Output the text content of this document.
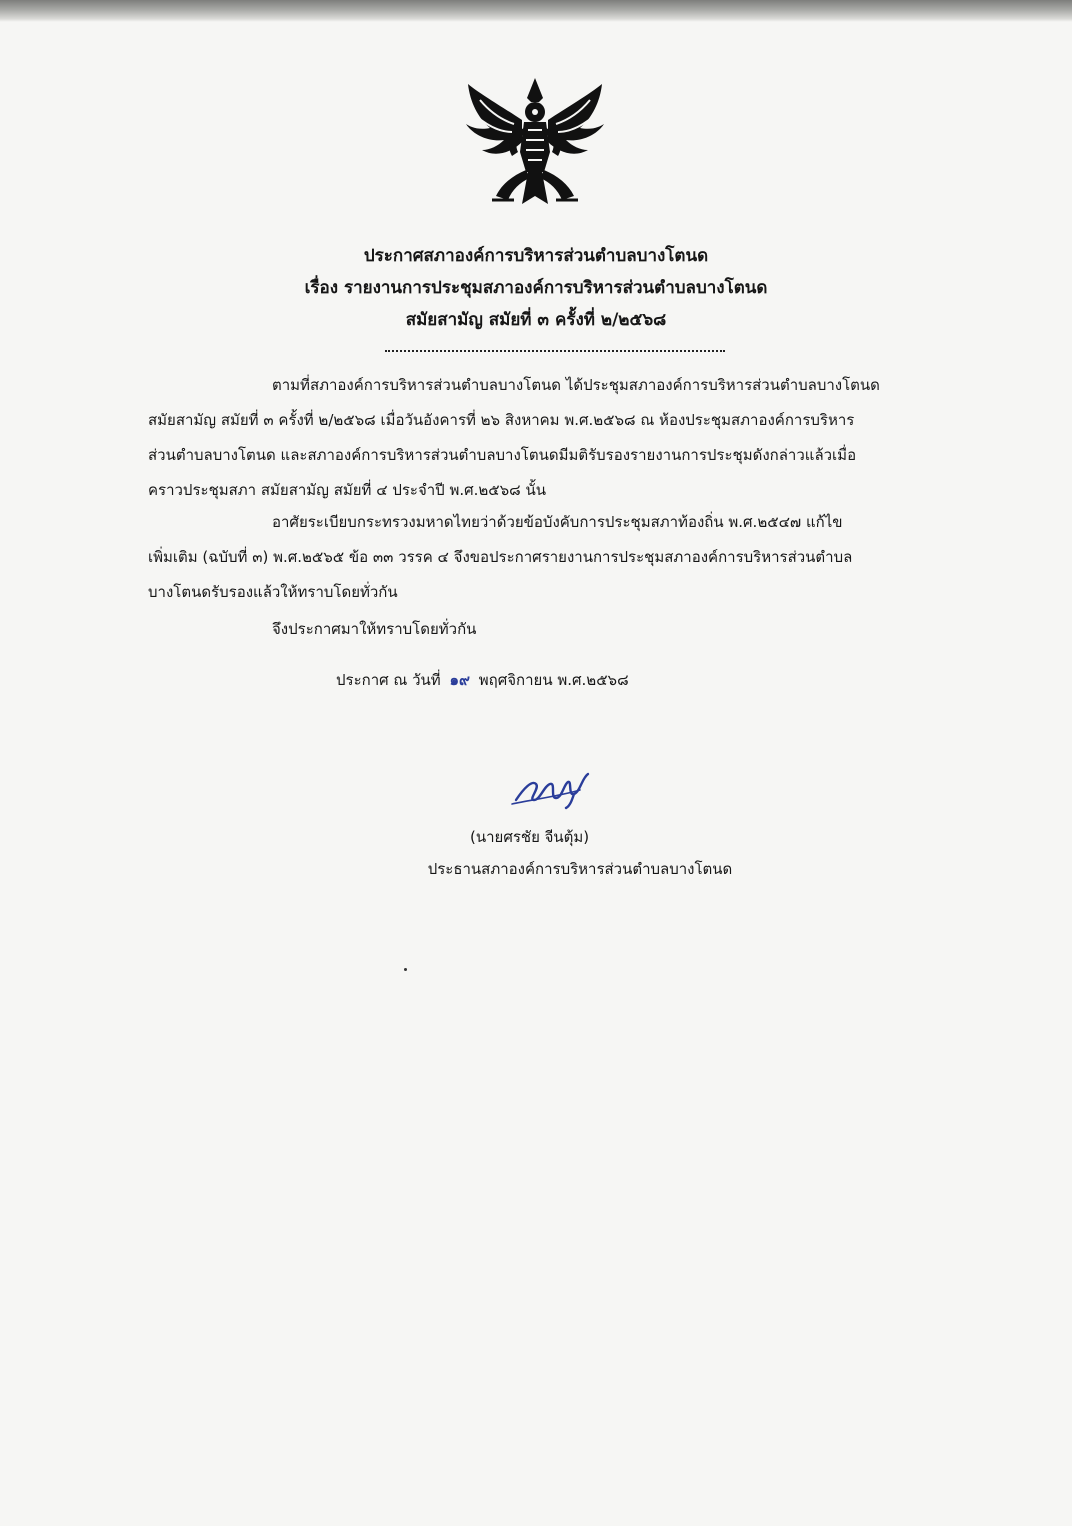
ประกาศสภาองค์การบริหารส่วนตำบลบางโตนด
เรื่อง รายงานการประชุมสภาองค์การบริหารส่วนตำบลบางโตนด
สมัยสามัญ สมัยที่ ๓ ครั้งที่ ๒/๒๕๖๘
ตามที่สภาองค์การบริหารส่วนตำบลบางโตนด ได้ประชุมสภาองค์การบริหารส่วนตำบลบางโตนด
สมัยสามัญ สมัยที่ ๓ ครั้งที่ ๒/๒๕๖๘ เมื่อวันอังคารที่ ๒๖ สิงหาคม พ.ศ.๒๕๖๘ ณ ห้องประชุมสภาองค์การบริหาร
ส่วนตำบลบางโตนด และสภาองค์การบริหารส่วนตำบลบางโตนดมีมติรับรองรายงานการประชุมดังกล่าวแล้วเมื่อ
คราวประชุมสภา สมัยสามัญ สมัยที่ ๔ ประจำปี พ.ศ.๒๕๖๘ นั้น
อาศัยระเบียบกระทรวงมหาดไทยว่าด้วยข้อบังคับการประชุมสภาท้องถิ่น พ.ศ.๒๕๔๗ แก้ไข
เพิ่มเติม (ฉบับที่ ๓) พ.ศ.๒๕๖๕ ข้อ ๓๓ วรรค ๔ จึงขอประกาศรายงานการประชุมสภาองค์การบริหารส่วนตำบล
บางโตนดรับรองแล้วให้ทราบโดยทั่วกัน
จึงประกาศมาให้ทราบโดยทั่วกัน
ประกาศ ณ วันที่ ๑๙ พฤศจิกายน พ.ศ.๒๕๖๘
(นายศรชัย จีนตุ้ม)
ประธานสภาองค์การบริหารส่วนตำบลบางโตนด
